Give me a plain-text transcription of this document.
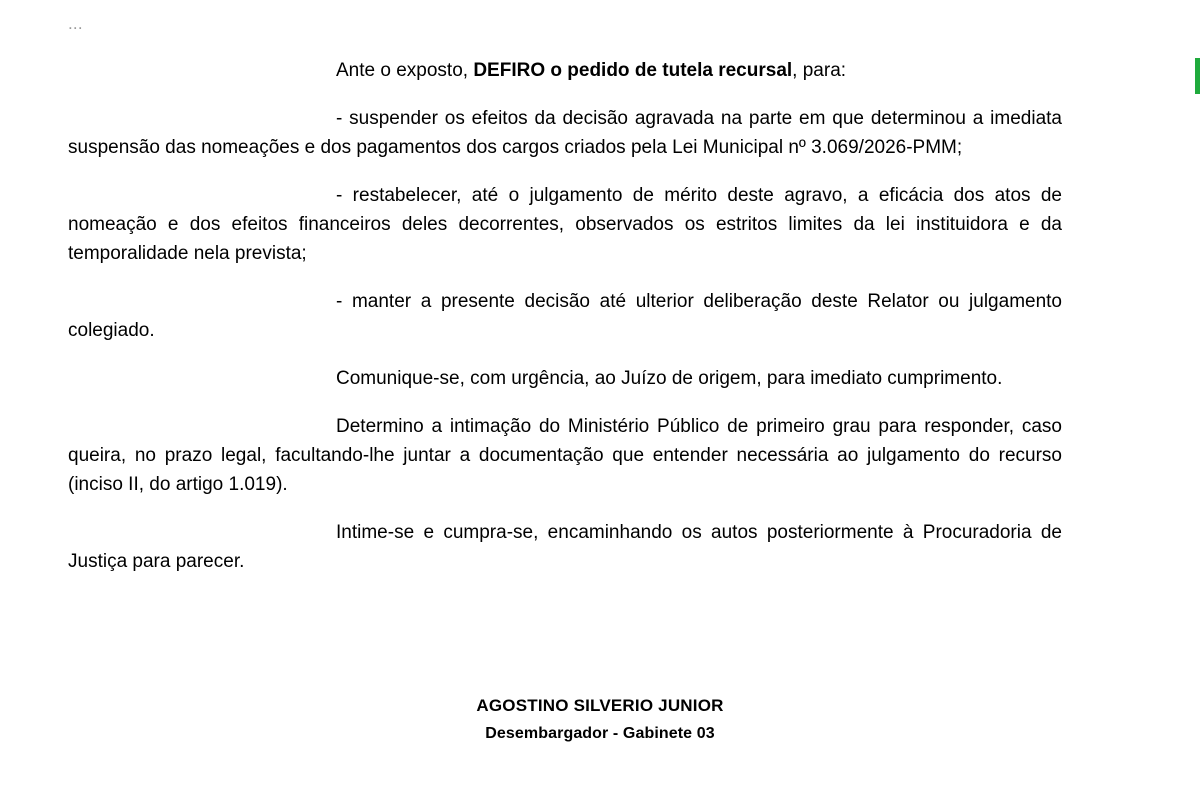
...

Ante o exposto, DEFIRO o pedido de tutela recursal, para:

- suspender os efeitos da decisão agravada na parte em que determinou a imediata suspensão das nomeações e dos pagamentos dos cargos criados pela Lei Municipal nº 3.069/2026-PMM;

- restabelecer, até o julgamento de mérito deste agravo, a eficácia dos atos de nomeação e dos efeitos financeiros deles decorrentes, observados os estritos limites da lei instituidora e da temporalidade nela prevista;

- manter a presente decisão até ulterior deliberação deste Relator ou julgamento colegiado.

Comunique-se, com urgência, ao Juízo de origem, para imediato cumprimento.

Determino a intimação do Ministério Público de primeiro grau para responder, caso queira, no prazo legal, facultando-lhe juntar a documentação que entender necessária ao julgamento do recurso (inciso II, do artigo 1.019).

Intime-se e cumpra-se, encaminhando os autos posteriormente à Procuradoria de Justiça para parecer.

AGOSTINO SILVERIO JUNIOR
Desembargador - Gabinete 03
